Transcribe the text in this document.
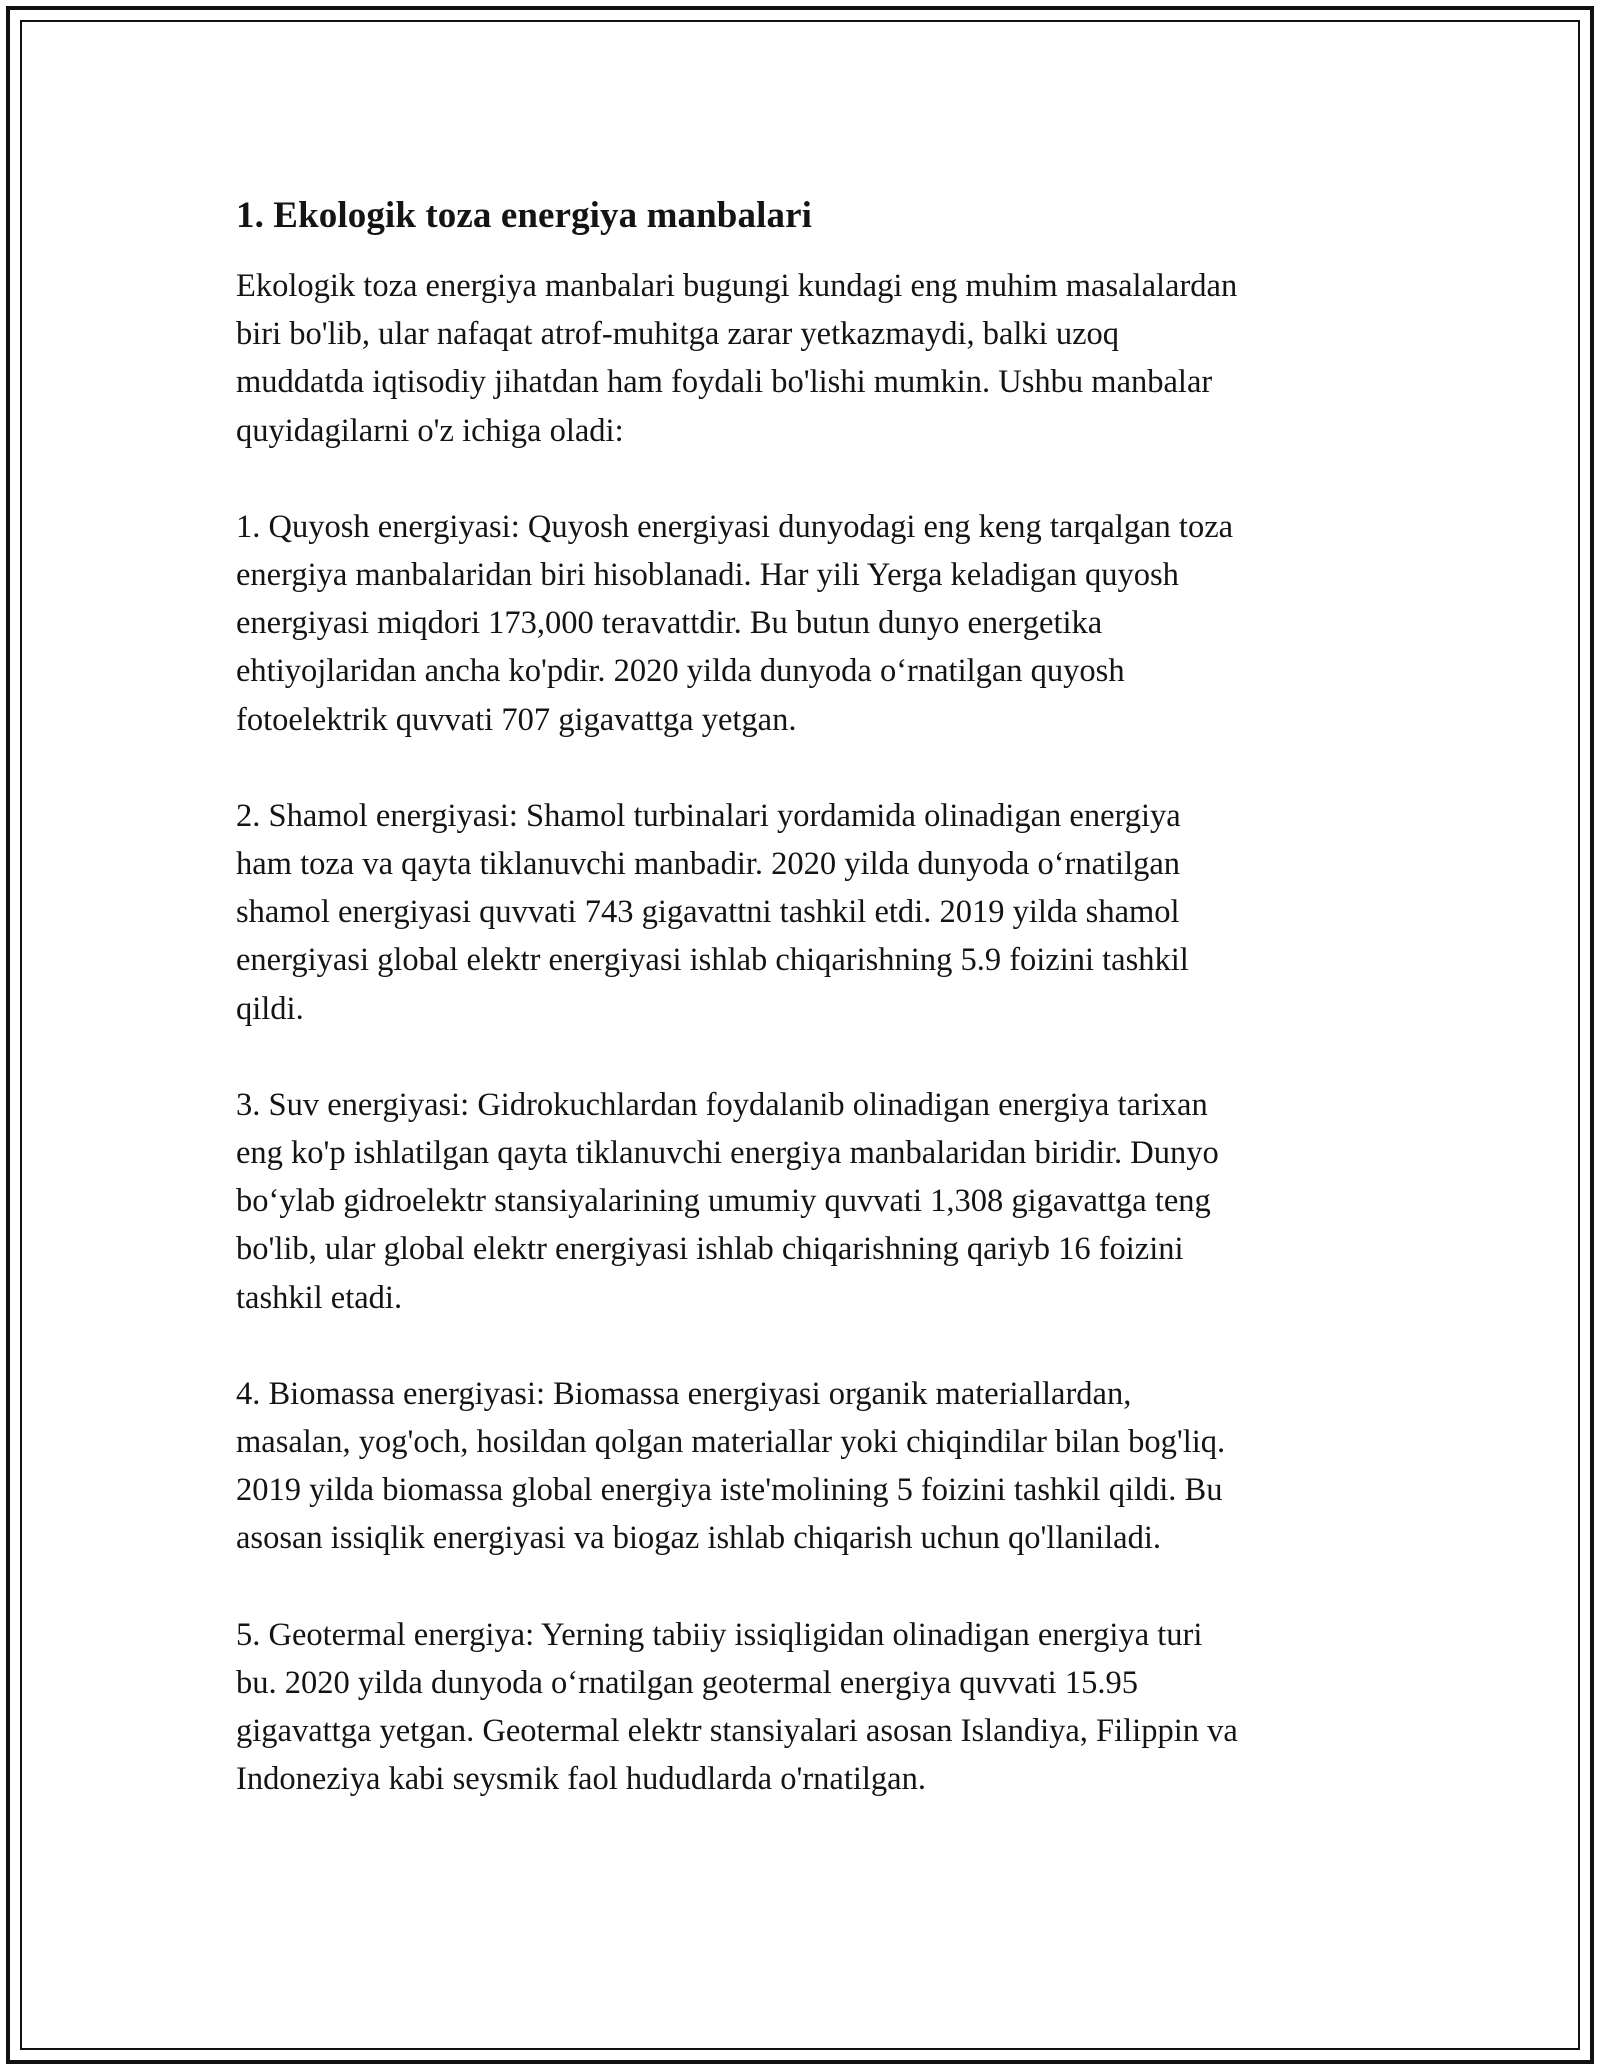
1. Ekologik toza energiya manbalari

Ekologik toza energiya manbalari bugungi kundagi eng muhim masalalardan
biri bo'lib, ular nafaqat atrof-muhitga zarar yetkazmaydi, balki uzoq
muddatda iqtisodiy jihatdan ham foydali bo'lishi mumkin. Ushbu manbalar
quyidagilarni o'z ichiga oladi:

1. Quyosh energiyasi: Quyosh energiyasi dunyodagi eng keng tarqalgan toza
energiya manbalaridan biri hisoblanadi. Har yili Yerga keladigan quyosh
energiyasi miqdori 173,000 teravattdir. Bu butun dunyo energetika
ehtiyojlaridan ancha ko'pdir. 2020 yilda dunyoda oʻrnatilgan quyosh
fotoelektrik quvvati 707 gigavattga yetgan.

2. Shamol energiyasi: Shamol turbinalari yordamida olinadigan energiya
ham toza va qayta tiklanuvchi manbadir. 2020 yilda dunyoda oʻrnatilgan
shamol energiyasi quvvati 743 gigavattni tashkil etdi. 2019 yilda shamol
energiyasi global elektr energiyasi ishlab chiqarishning 5.9 foizini tashkil
qildi.

3. Suv energiyasi: Gidrokuchlardan foydalanib olinadigan energiya tarixan
eng ko'p ishlatilgan qayta tiklanuvchi energiya manbalaridan biridir. Dunyo
boʻylab gidroelektr stansiyalarining umumiy quvvati 1,308 gigavattga teng
bo'lib, ular global elektr energiyasi ishlab chiqarishning qariyb 16 foizini
tashkil etadi.

4. Biomassa energiyasi: Biomassa energiyasi organik materiallardan,
masalan, yog'och, hosildan qolgan materiallar yoki chiqindilar bilan bog'liq.
2019 yilda biomassa global energiya iste'molining 5 foizini tashkil qildi. Bu
asosan issiqlik energiyasi va biogaz ishlab chiqarish uchun qo'llaniladi.

5. Geotermal energiya: Yerning tabiiy issiqligidan olinadigan energiya turi
bu. 2020 yilda dunyoda oʻrnatilgan geotermal energiya quvvati 15.95
gigavattga yetgan. Geotermal elektr stansiyalari asosan Islandiya, Filippin va
Indoneziya kabi seysmik faol hududlarda o'rnatilgan.
